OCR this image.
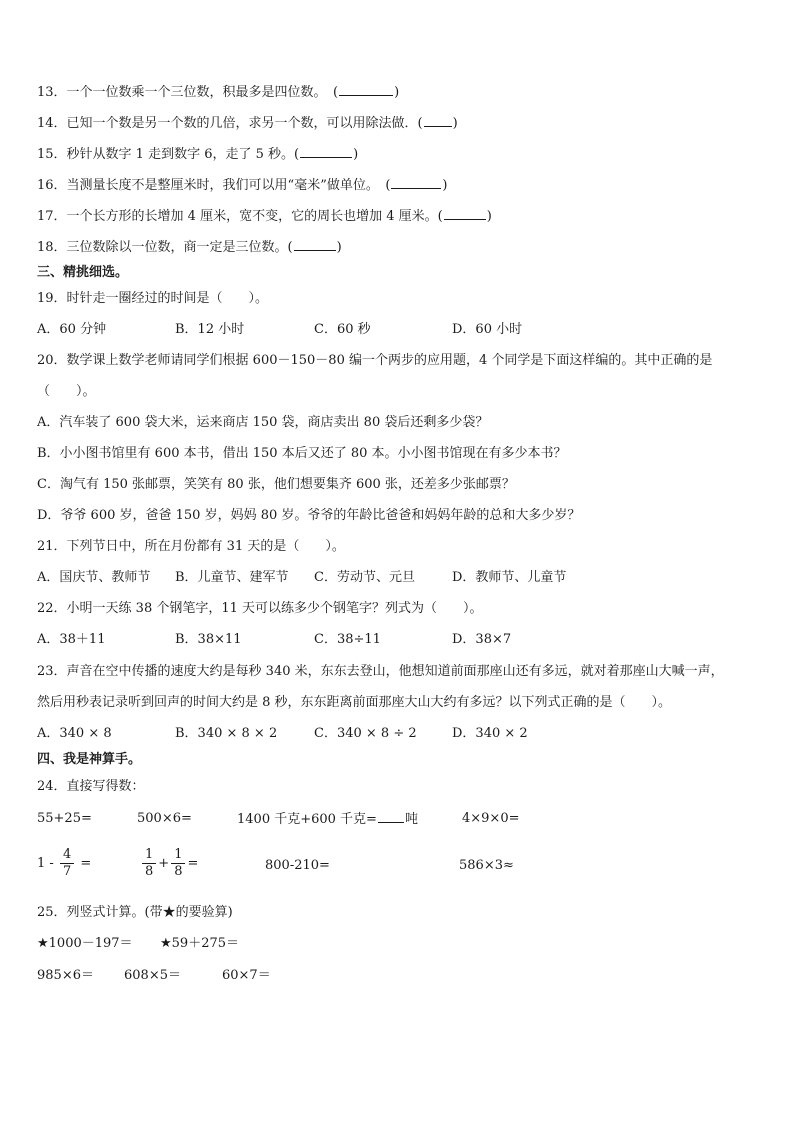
13．一个一位数乘一个三位数，积最多是四位数。　(	)
14．已知一个数是另一个数的几倍，求另一个数，可以用除法做．( )
15．秒针从数字 1 走到数字 6，走了 5 秒。(	)
16．当测量长度不是整厘米时，我们可以用“毫米”做单位。　(	)
17．一个长方形的长增加 4 厘米，宽不变，它的周长也增加 4 厘米。(	)
18．三位数除以一位数，商一定是三位数。(	)
三、精挑细选。
19．时针走一圈经过的时间是（　　）。
A．60 分钟	B．12 小时	C．60 秒	D．60 小时
20．数学课上数学老师请同学们根据 600－150－80 编一个两步的应用题，4 个同学是下面这样编的。其中正确的是
（　　）。
A．汽车装了 600 袋大米，运来商店 150 袋，商店卖出 80 袋后还剩多少袋？
B．小小图书馆里有 600 本书，借出 150 本后又还了 80 本。小小图书馆现在有多少本书？
C．淘气有 150 张邮票，笑笑有 80 张，他们想要集齐 600 张，还差多少张邮票？
D．爷爷 600 岁，爸爸 150 岁，妈妈 80 岁。爷爷的年龄比爸爸和妈妈年龄的总和大多少岁？
21．下列节日中，所在月份都有 31 天的是（　　）。
A．国庆节、教师节 B．儿童节、建军节 C．劳动节、元旦	D．教师节、儿童节
22．小明一天练 38 个钢笔字，11 天可以练多少个钢笔字？列式为（　　）。
A．38＋11	B．38×11	C．38÷11	D．38×7
23．声音在空中传播的速度大约是每秒 340 米，东东去登山，他想知道前面那座山还有多远，就对着那座山大喊一声，
然后用秒表记录听到回声的时间大约是 8 秒，东东距离前面那座大山大约有多远？以下列式正确的是（　　）。
A．340 × 8	B．340 × 8 × 2	C．340 × 8 ÷ 2	D．340 × 2
四、我是神算手。
24．直接写得数：
55+25=	500×6=	1400 千克+600 千克= 吨	4×9×0=
$1 - \frac{4}{7}$ =	$\frac{1}{8} + \frac{1}{8}$ =	800-210=	586×3≈
25．列竖式计算。(带★的要验算)
★1000－197＝ ★59＋275＝
985×6＝ 608×5＝	60×7＝
